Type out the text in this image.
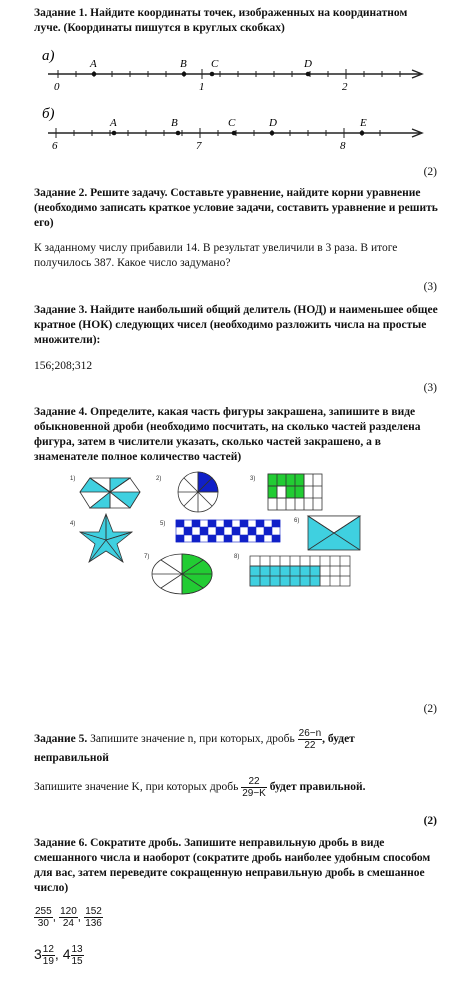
Задание 1. Найдите координаты точек, изображенных на координатном луче. (Координаты пишутся в круглых скобках)
а)	A	B C	D
0	1	2
б)
A	B	C	D	E
6	7	8
(2)
Задание 2. Решите задачу. Составьте уравнение, найдите корни уравнение (необходимо записать краткое условие задачи, составить уравнение и решить его)
К заданному числу прибавили 14. В результат увеличили в 3 раза. В итоге получилось 387. Какое число задумано?
(3)
Задание 3. Найдите наибольший общий делитель (НОД) и наименьшее общее кратное (НОК) следующих чисел (необходимо разложить числа на простые множители):
156;208;312
(3)
Задание 4. Определите, какая часть фигуры закрашена, запишите в виде обыкновенной дроби (необходимо посчитать, на сколько частей разделена фигура, затем в числители указать, сколько частей закрашено, а в знаменателе полное количество частей)
1)	2)	3)
4)	5)	6)
7)	8)
(2)
Задание 5. Запишите значение n, при которых, дробь $\frac{26-n}{22}$ , будет
неправильной
Запишите значение K, при которых дробь $\frac{22}{29-K}$ будет правильной.
(2)
Задание 6. Сократите дробь. Запишите неправильную дробь в виде смешанного числа и наоборот (сократите дробь наиболее удобным способом для вас, затем переведите сокращенную неправильную дробь в смешанное число)
$\frac{255}{30}$ , $\frac{120}{24}$ , $\frac{152}{136}$
$3 \frac{12}{19}$ , $4 \frac{13}{15}$
